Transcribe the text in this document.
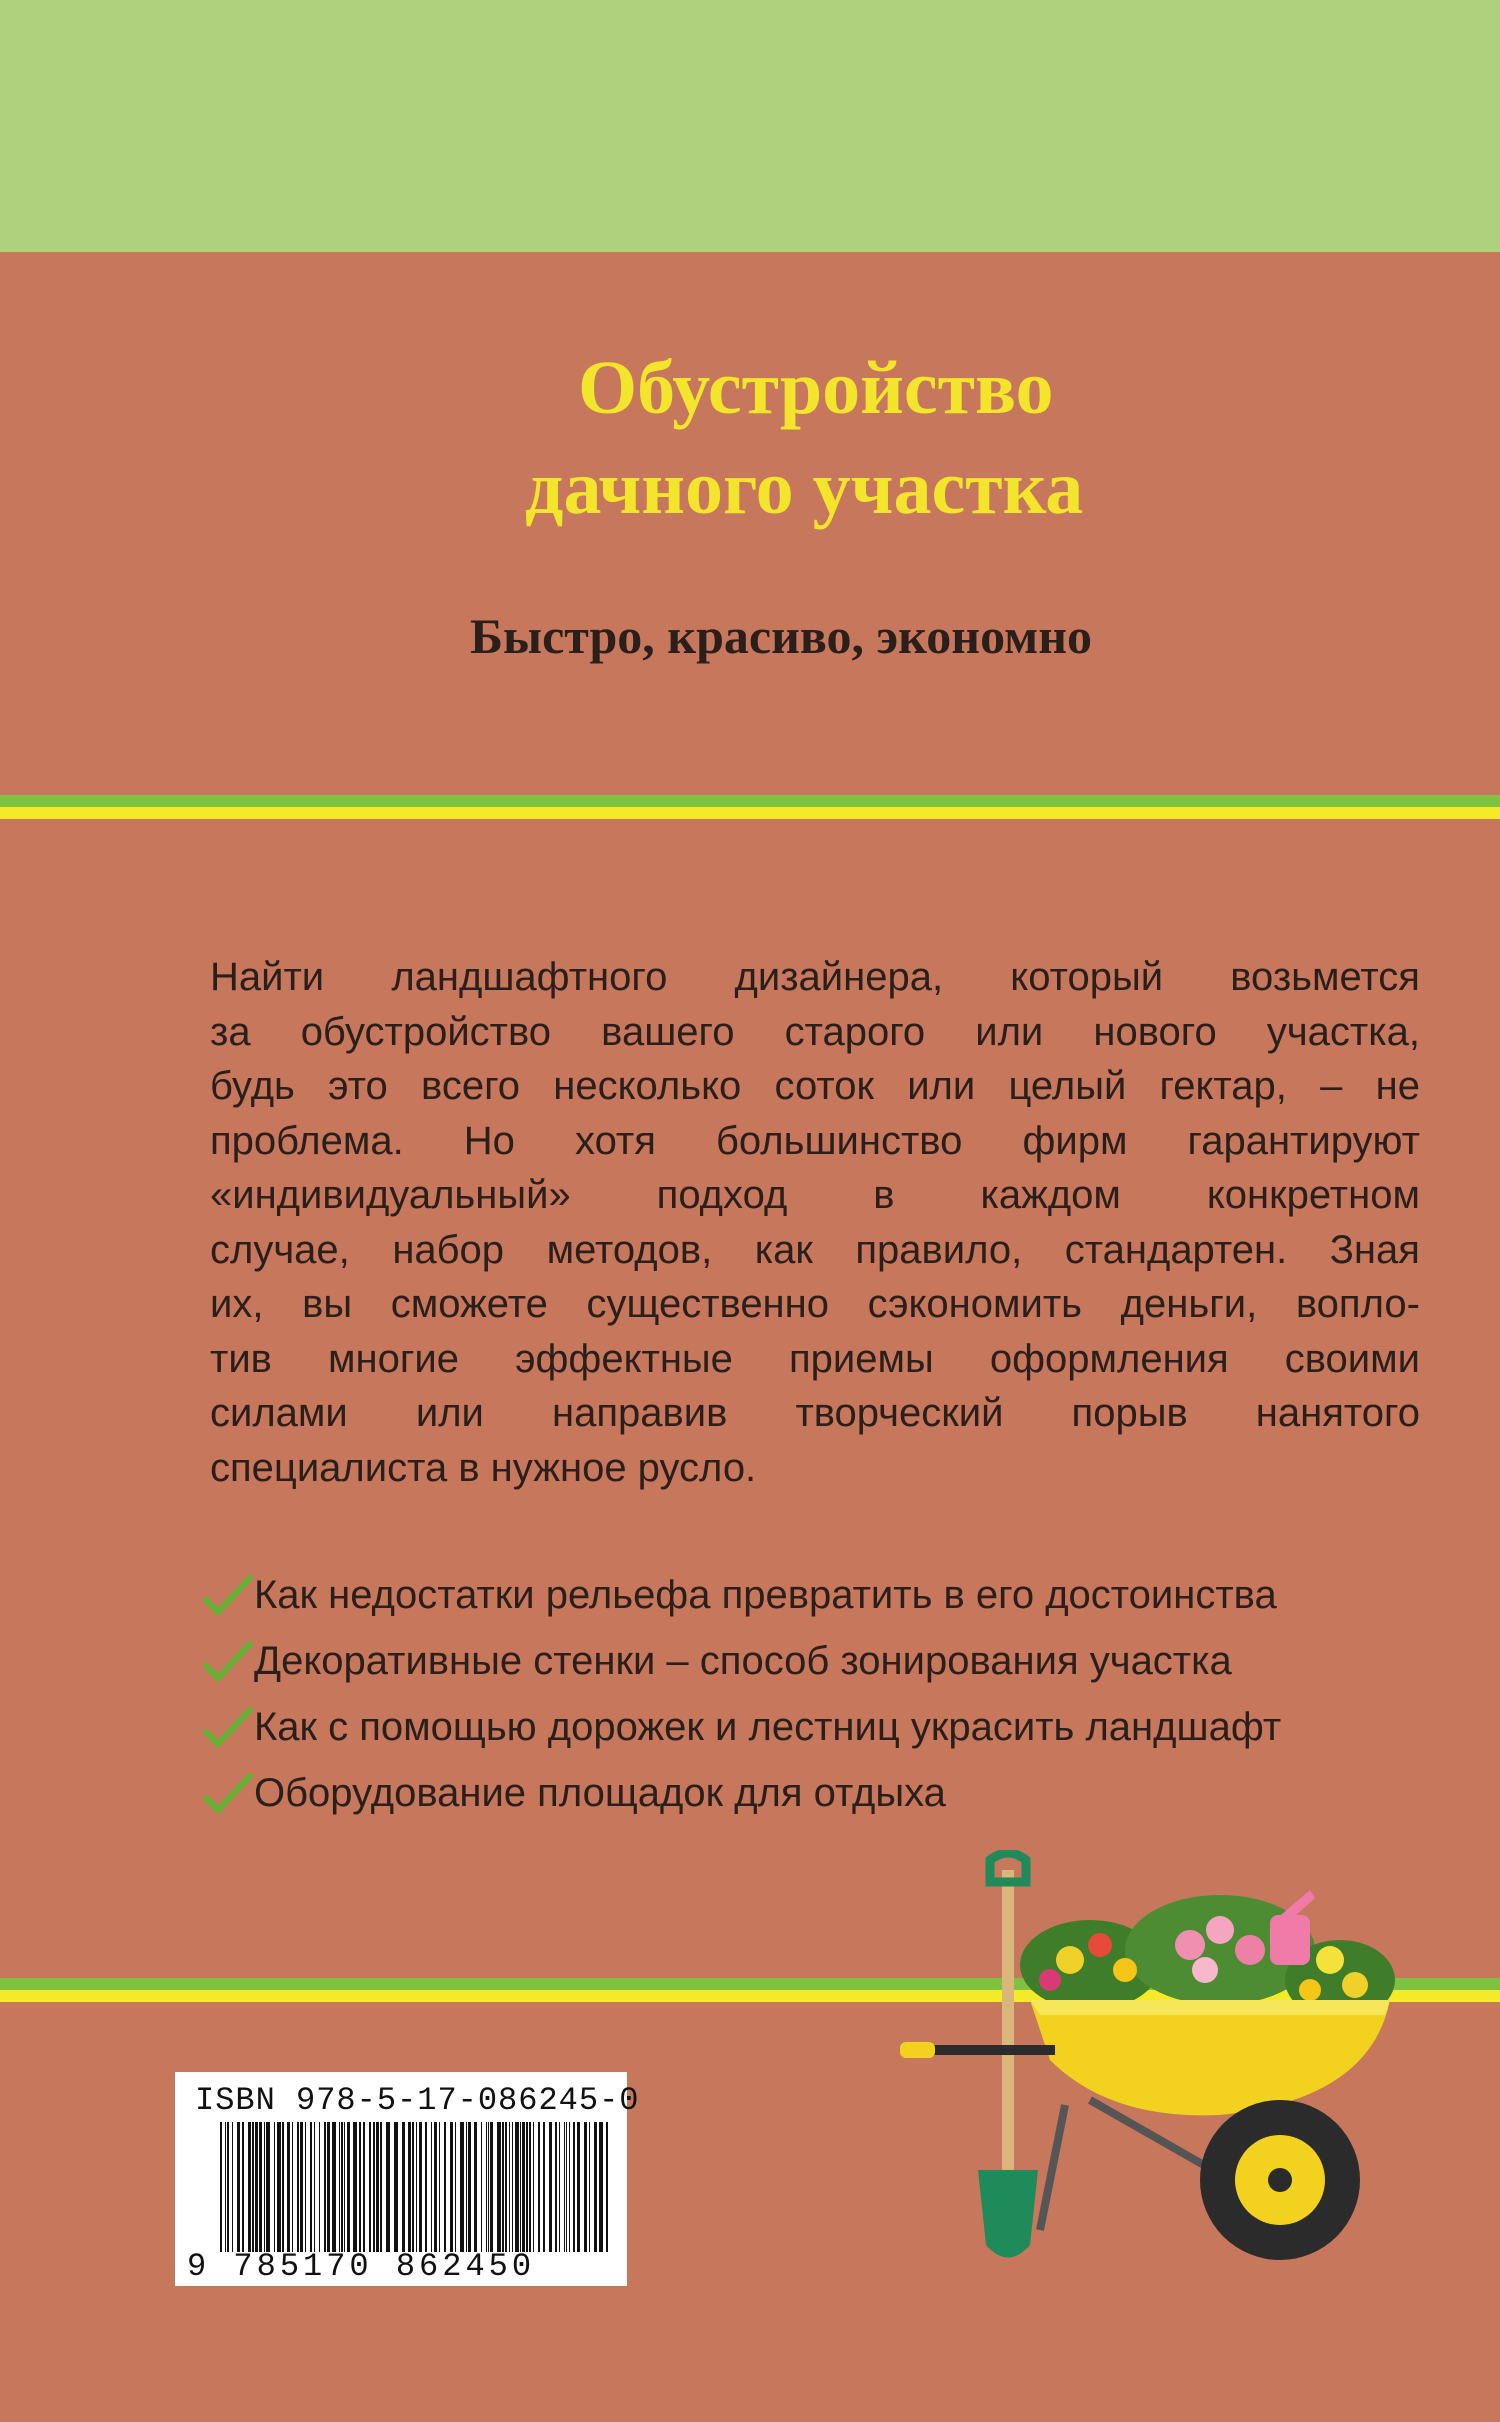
Обустройство
дачного участка
Быстро, красиво, экономно
Найти ландшафтного дизайнера, который возьмется
за обустройство вашего старого или нового участка,
будь это всего несколько соток или целый гектар, – не
проблема. Но хотя большинство фирм гарантируют
«индивидуальный» подход в каждом конкретном
случае, набор методов, как правило, стандартен. Зная
их, вы сможете существенно сэкономить деньги, вопло-
тив многие эффектные приемы оформления своими
силами или направив творческий порыв нанятого
специалиста в нужное русло.
Как недостатки рельефа превратить в его достоинства
Декоративные стенки – способ зонирования участка
Как с помощью дорожек и лестниц украсить ландшафт
Оборудование площадок для отдыха
ISBN 978-5-17-086245-0
9 785170 862450
